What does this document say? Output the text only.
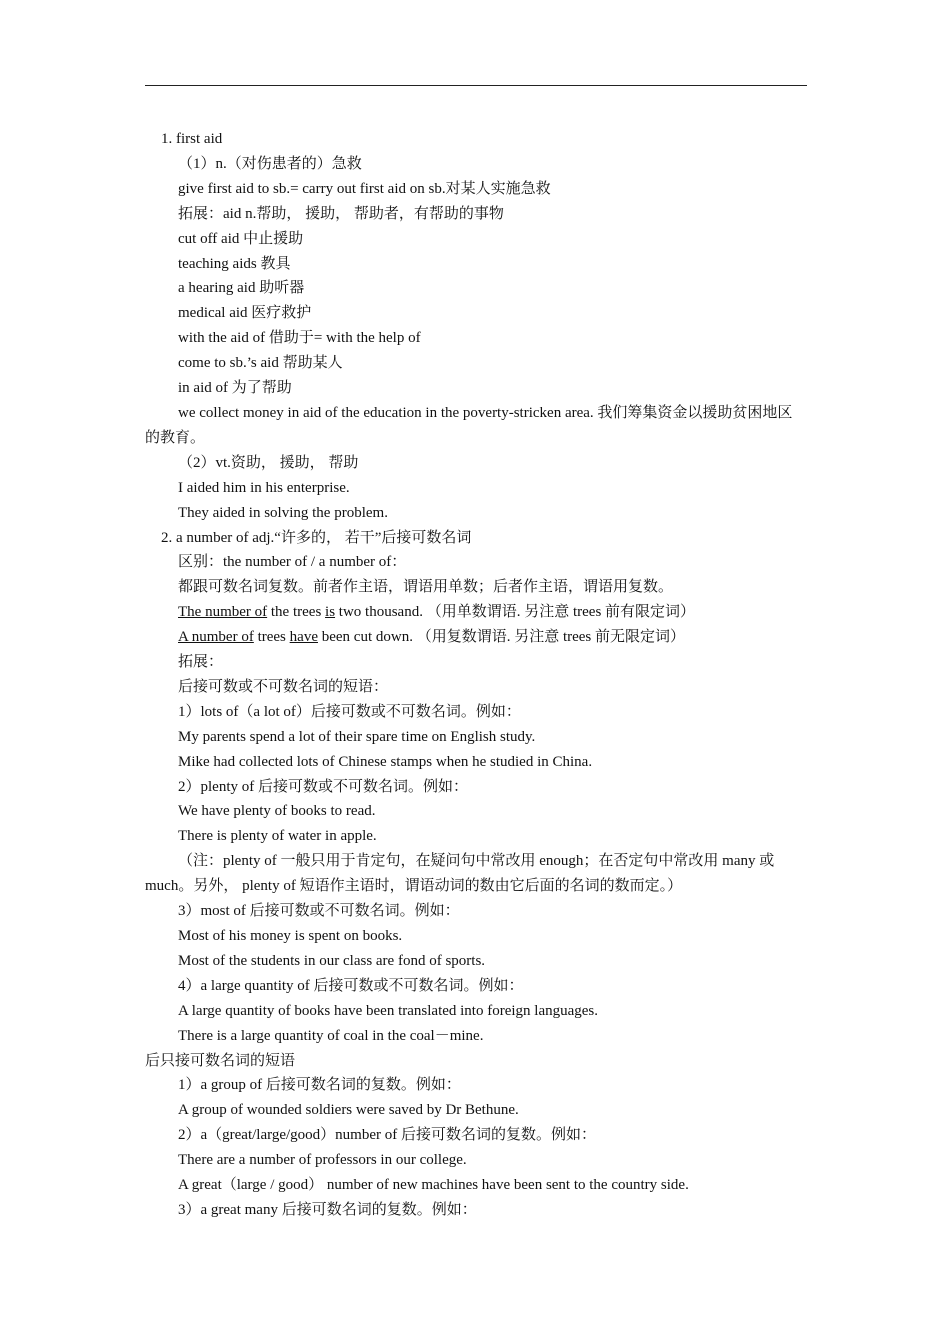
1. first aid
（1）n.（对伤患者的）急救
give first aid to sb.= carry out first aid on sb.对某人实施急救
拓展：aid n.帮助， 援助， 帮助者，有帮助的事物
cut off aid 中止援助
teaching aids 教具
a hearing aid 助听器
medical aid 医疗救护
with the aid of 借助于= with the help of
come to sb.’s aid 帮助某人
in aid of 为了帮助
we collect money in aid of the education in the poverty-stricken area. 我们筹集资金以援助贫困地区的教育。
（2）vt.资助， 援助， 帮助
I aided him in his enterprise.
They aided in solving the problem.
2. a number of adj.“许多的， 若干”后接可数名词
区别：the number of / a number of：
都跟可数名词复数。前者作主语，谓语用单数；后者作主语，谓语用复数。
The number of the trees is two thousand. （用单数谓语. 另注意 trees 前有限定词）
A number of trees have been cut down. （用复数谓语. 另注意 trees 前无限定词）
拓展：
后接可数或不可数名词的短语：
1）lots of（a lot of）后接可数或不可数名词。例如：
My parents spend a lot of their spare time on English study.
Mike had collected lots of Chinese stamps when he studied in China.
2）plenty of 后接可数或不可数名词。例如：
We have plenty of books to read.
There is plenty of water in apple.
（注：plenty of 一般只用于肯定句，在疑问句中常改用 enough；在否定句中常改用 many 或 much。另外， plenty of 短语作主语时，谓语动词的数由它后面的名词的数而定。）
3）most of 后接可数或不可数名词。例如：
Most of his money is spent on books.
Most of the students in our class are fond of sports.
4）a large quantity of 后接可数或不可数名词。例如：
A large quantity of books have been translated into foreign languages.
There is a large quantity of coal in the coal－mine.
后只接可数名词的短语
1）a group of 后接可数名词的复数。例如：
A group of wounded soldiers were saved by Dr Bethune.
2）a（great/large/good）number of 后接可数名词的复数。例如：
There are a number of professors in our college.
A great（large / good） number of new machines have been sent to the country side.
3）a great many 后接可数名词的复数。例如：
